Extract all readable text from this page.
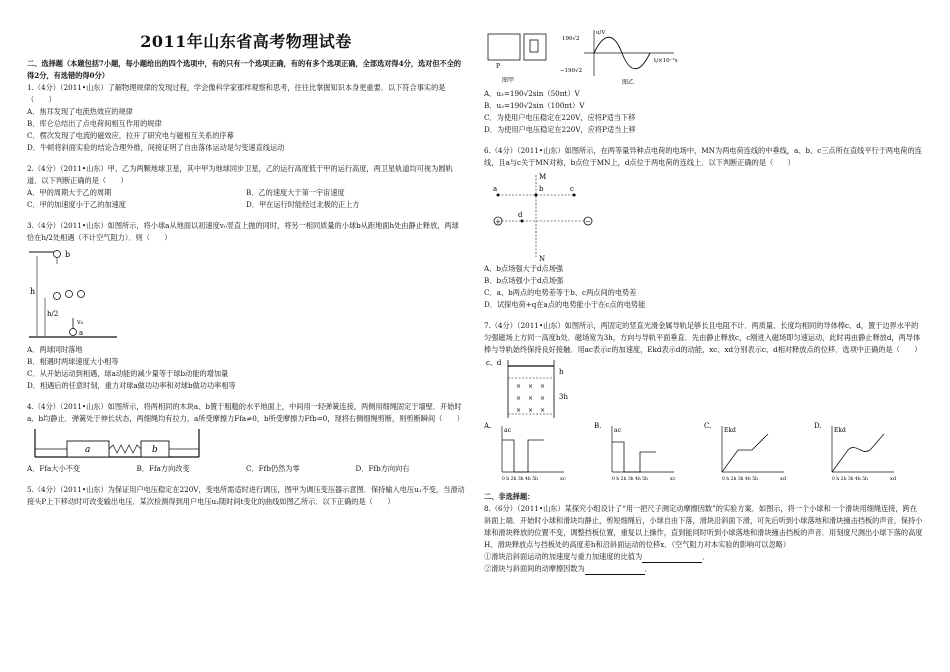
2011年山东省高考物理试卷

二、选择题（本题包括7小题，每小题给出的四个选项中，有的只有一个选项正确，有的有多个选项正确，全部选对得4分，选对但不全的得2分，有选错的得0分）

1.（4分）（2011•山东）了解物理规律的发现过程，学会像科学家那样观察和思考，往往比掌握知识本身更重要．以下符合事实的是（　　）

A．焦耳发现了电流热效应的规律

B．库仑总结出了点电荷间相互作用的规律

C．楞次发现了电流的磁效应，拉开了研究电与磁相互关系的序幕

D．牛顿将斜面实验的结论合理外推，间接证明了自由落体运动是匀变速直线运动

2.（4分）（2011•山东）甲、乙为两颗地球卫星，其中甲为地球同步卫星，乙的运行高度低于甲的运行高度，两卫星轨道均可视为圆轨道．以下判断正确的是（　　）

A．甲的周期大于乙的周期	B．乙的速度大于第一宇宙速度
C．甲的加速度小于乙的加速度	D．甲在运行时能经过北极的正上方

3.（4分）（2011•山东）如图所示，将小球a从地面以初速度v₀竖直上抛的同时，将另一相同质量的小球b从距地面h处由静止释放，两球恰在h/2处相遇（不计空气阻力）．则（　　）

b
h
h/2
v₀
a

A．两球同时落地

B．相遇时两球速度大小相等

C．从开始运动到相遇，球a动能的减少量等于球b动能的增加量

D．相遇后的任意时刻，重力对球a做功功率和对球b做功功率相等

4.（4分）（2011•山东）如图所示，将两相同的木块a、b置于粗糙的水平地面上，中间用一轻弹簧连接，两侧用细绳固定于墙壁．开始时a、b均静止．弹簧处于伸长状态，两细绳均有拉力，a所受摩擦力Ffa≠0，b所受摩擦力Ffb=0，现将右侧细绳剪断，则剪断瞬间（　　）

a	b
A．Ffa大小不变	B．Ffa方向改变	C．Ffb仍然为零	D．Ffb方向向右

5.（4分）（2011•山东）为保证用户电压稳定在220V，变电所需适时进行调压，图甲为调压变压器示意图．保持输入电压u₁不变，当滑动接头P上下移动时可改变输出电压．某次检测得到用户电压u₂随时间t变化的曲线如图乙所示．以下正确的是（　　）

P
图甲
u/V
190√2
−190√2
t/×10⁻²s
图乙

A．u₂=190√2sin（50πt）V

B．u₂=190√2sin（100πt）V

C．为使用户电压稳定在220V，应将P适当下移

D．为使用户电压稳定在220V，应将P适当上移

6.（4分）（2011•山东）如图所示，在两等量异种点电荷的电场中，MN为两电荷连线的中垂线，a、b、c三点所在直线平行于两电荷的连线，且a与c关于MN对称，b点位于MN上，d点位于两电荷的连线上．以下判断正确的是（　　）

M
N
a	b	c
+	−
d

A．b点场强大于d点场强

B．b点场强小于d点场强

C．a、b两点的电势差等于b、c两点间的电势差

D．试探电荷+q在a点的电势能小于在c点的电势能

7.（4分）（2011•山东）如图所示，两固定的竖直光滑金属导轨足够长且电阻不计．两质量、长度均相同的导体棒c、d，置于边界水平的匀强磁场上方同一高度h处．磁场宽为3h，方向与导轨平面垂直．先由静止释放c，c刚进入磁场即匀速运动，此时再由静止释放d，两导体棒与导轨始终保持良好接触．用ac表示c的加速度，Ekd表示d的动能，xc、xd分别表示c、d相对释放点的位移．选项中正确的是（　　）

c、d
× × ×
× × ×
× × ×
h
3h
A.
ac
0 h 2h 3h 4h 5h	xc
B.
ac
0 h 2h 3h 4h 5h	xc
C.
Ekd
0 h 2h 3h 4h 5h	xd
D.
Ekd
0 h 2h 3h 4h 5h	xd

二、非选择题：

8.（6分）（2011•山东）某探究小组设计了“用一把尺子测定动摩擦因数”的实验方案．如图示，将一个小球和一个滑块用细绳连接，跨在斜面上端．开始时小球和滑块均静止，剪短细绳后，小球自由下落，滑块沿斜面下滑，可先后听到小球落地和滑块撞击挡板的声音，保持小球和滑块释放的位置不变，调整挡板位置，重复以上操作，直到能同时听到小球落地和滑块撞击挡板的声音．用刻度尺测出小球下落的高度H、滑块释放点与挡板处的高度差h和沿斜面运动的位移x．（空气阻力对本实验的影响可以忽略）

①滑块沿斜面运动的加速度与重力加速度的比值为	．

②滑块与斜面间的动摩擦因数为	．
